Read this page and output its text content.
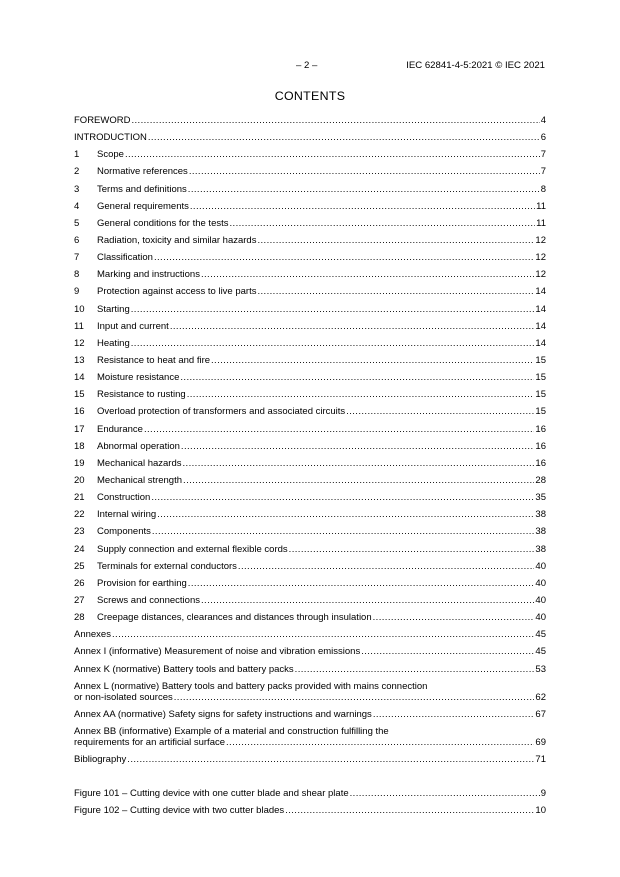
– 2 –	IEC 62841-4-5:2021 © IEC 2021
CONTENTS
FOREWORD .....	4
INTRODUCTION .....	6
1	Scope .....	7
2	Normative references .....	7
3	Terms and definitions .....	8
4	General requirements .....	11
5	General conditions for the tests .....	11
6	Radiation, toxicity and similar hazards .....	12
7	Classification .....	12
8	Marking and instructions .....	12
9	Protection against access to live parts .....	14
10	Starting .....	14
11	Input and current .....	14
12	Heating .....	14
13	Resistance to heat and fire .....	15
14	Moisture resistance .....	15
15	Resistance to rusting .....	15
16	Overload protection of transformers and associated circuits .....	15
17	Endurance .....	16
18	Abnormal operation .....	16
19	Mechanical hazards .....	16
20	Mechanical strength .....	28
21	Construction .....	35
22	Internal wiring .....	38
23	Components .....	38
24	Supply connection and external flexible cords .....	38
25	Terminals for external conductors .....	40
26	Provision for earthing .....	40
27	Screws and connections .....	40
28	Creepage distances, clearances and distances through insulation .....	40
Annexes .....	45
Annex I (informative) Measurement of noise and vibration emissions .....	45
Annex K (normative) Battery tools and battery packs .....	53
Annex L (normative) Battery tools and battery packs provided with mains connection
or non-isolated sources .....	62
Annex AA (normative) Safety signs for safety instructions and warnings .....	67
Annex BB (informative) Example of a material and construction fulfilling the
requirements for an artificial surface .....	69
Bibliography .....	71
Figure 101 – Cutting device with one cutter blade and shear plate .....	9
Figure 102 – Cutting device with two cutter blades .....	10
